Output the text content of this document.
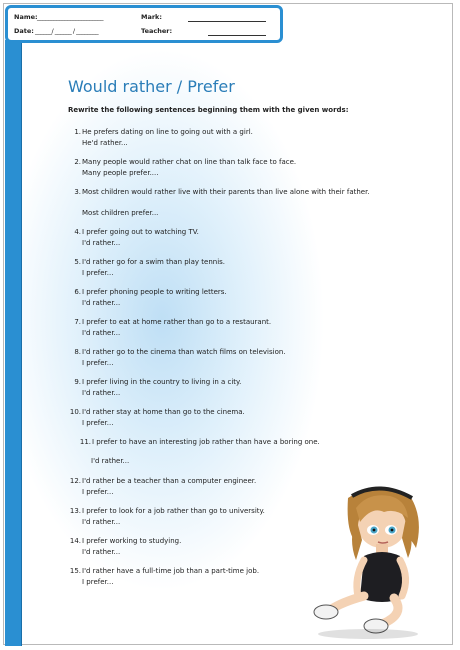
Name: ________________________	Mark:
Date: ______/ ______ / ________	Teacher:
Would rather / Prefer
Rewrite the following sentences beginning them with the given words:
1. He prefers dating on line to going out with a girl.
He'd rather...
2. Many people would rather chat on line than talk face to face.
Many people prefer....
3. Most children would rather live with their parents than live alone with their father.
Most children prefer...
4. I prefer going out to watching TV.
I'd rather...
5. I'd rather go for a swim than play tennis.
I prefer...
6. I prefer phoning people to writing letters.
I'd rather...
7. I prefer to eat at home rather than go to a restaurant.
I'd rather...
8. I'd rather go to the cinema than watch films on television.
I prefer...
9. I prefer living in the country to living in a city.
I'd rather...
10. I'd rather stay at home than go to the cinema.
I prefer...
11. I prefer to have an interesting job rather than have a boring one.
I'd rather...
12. I'd rather be a teacher than a computer engineer.
I prefer...
13. I prefer to look for a job rather than go to university.
I'd rather...
14. I prefer working to studying.
I'd rather...
15. I'd rather have a full-time job than a part-time job.
I prefer...
